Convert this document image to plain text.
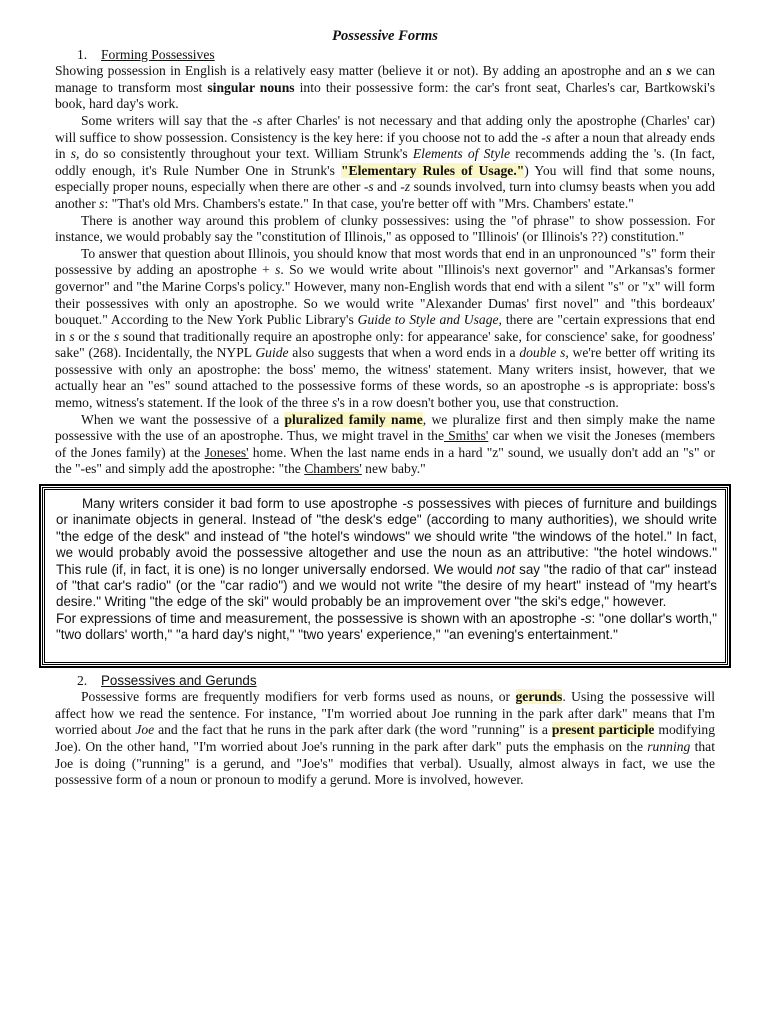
Possessive Forms
1. Forming Possessives

Showing possession in English is a relatively easy matter (believe it or not). By adding an apostrophe and an s we can manage to transform most singular nouns into their possessive form: the car's front seat, Charles's car, Bartkowski's book, hard day's work.

Some writers will say that the -s after Charles' is not necessary and that adding only the apostrophe (Charles' car) will suffice to show possession. Consistency is the key here: if you choose not to add the -s after a noun that already ends in s, do so consistently throughout your text. William Strunk's Elements of Style recommends adding the 's. (In fact, oddly enough, it's Rule Number One in Strunk's "Elementary Rules of Usage.") You will find that some nouns, especially proper nouns, especially when there are other -s and -z sounds involved, turn into clumsy beasts when you add another s: "That's old Mrs. Chambers's estate." In that case, you're better off with "Mrs. Chambers' estate."

There is another way around this problem of clunky possessives: using the "of phrase" to show possession. For instance, we would probably say the "constitution of Illinois," as opposed to "Illinois' (or Illinois's ??) constitution."

To answer that question about Illinois, you should know that most words that end in an unpronounced "s" form their possessive by adding an apostrophe + s. So we would write about "Illinois's next governor" and "Arkansas's former governor" and "the Marine Corps's policy." However, many non-English words that end with a silent "s" or "x" will form their possessives with only an apostrophe. So we would write "Alexander Dumas' first novel" and "this bordeaux' bouquet." According to the New York Public Library's Guide to Style and Usage, there are "certain expressions that end in s or the s sound that traditionally require an apostrophe only: for appearance' sake, for conscience' sake, for goodness' sake" (268). Incidentally, the NYPL Guide also suggests that when a word ends in a double s, we're better off writing its possessive with only an apostrophe: the boss' memo, the witness' statement. Many writers insist, however, that we actually hear an "es" sound attached to the possessive forms of these words, so an apostrophe -s is appropriate: boss's memo, witness's statement. If the look of the three s's in a row doesn't bother you, use that construction.

When we want the possessive of a pluralized family name, we pluralize first and then simply make the name possessive with the use of an apostrophe. Thus, we might travel in the Smiths' car when we visit the Joneses (members of the Jones family) at the Joneses' home. When the last name ends in a hard "z" sound, we usually don't add an "s" or the "-es" and simply add the apostrophe: "the Chambers' new baby."

Many writers consider it bad form to use apostrophe -s possessives with pieces of furniture and buildings or inanimate objects in general. Instead of "the desk's edge" (according to many authorities), we should write "the edge of the desk" and instead of "the hotel's windows" we should write "the windows of the hotel." In fact, we would probably avoid the possessive altogether and use the noun as an attributive: "the hotel windows." This rule (if, in fact, it is one) is no longer universally endorsed. We would not say "the radio of that car" instead of "that car's radio" (or the "car radio") and we would not write "the desire of my heart" instead of "my heart's desire." Writing "the edge of the ski" would probably be an improvement over "the ski's edge," however.

For expressions of time and measurement, the possessive is shown with an apostrophe -s: "one dollar's worth," "two dollars' worth," "a hard day's night," "two years' experience," "an evening's entertainment."

2. Possessives and Gerunds

Possessive forms are frequently modifiers for verb forms used as nouns, or gerunds. Using the possessive will affect how we read the sentence. For instance, "I'm worried about Joe running in the park after dark" means that I'm worried about Joe and the fact that he runs in the park after dark (the word "running" is a present participle modifying Joe). On the other hand, "I'm worried about Joe's running in the park after dark" puts the emphasis on the running that Joe is doing ("running" is a gerund, and "Joe's" modifies that verbal). Usually, almost always in fact, we use the possessive form of a noun or pronoun to modify a gerund. More is involved, however.
